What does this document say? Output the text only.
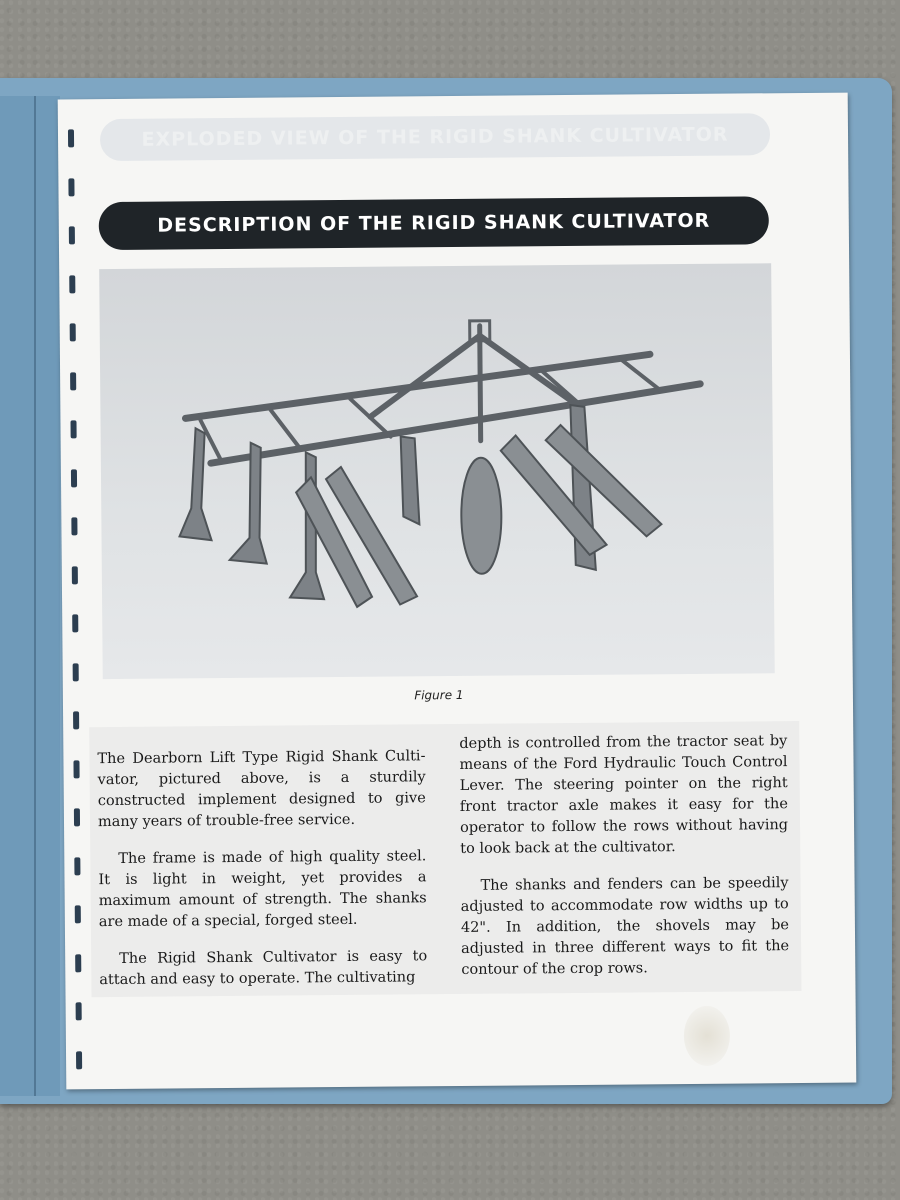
EXPLODED VIEW OF THE RIGID SHANK CULTIVATOR
DESCRIPTION OF THE RIGID SHANK CULTIVATOR
Figure 1

The Dearborn Lift Type Rigid Shank Culti-vator, pictured above, is a sturdily constructed implement designed to give many years of trouble-free service.

The frame is made of high quality steel. It is light in weight, yet provides a maximum amount of strength. The shanks are made of a special, forged steel.

The Rigid Shank Cultivator is easy to attach and easy to operate. The cultivating

depth is controlled from the tractor seat by means of the Ford Hydraulic Touch Control Lever. The steering pointer on the right front tractor axle makes it easy for the operator to follow the rows without having to look back at the cultivator.

The shanks and fenders can be speedily adjusted to accommodate row widths up to 42". In addition, the shovels may be adjusted in three different ways to fit the contour of the crop rows.
